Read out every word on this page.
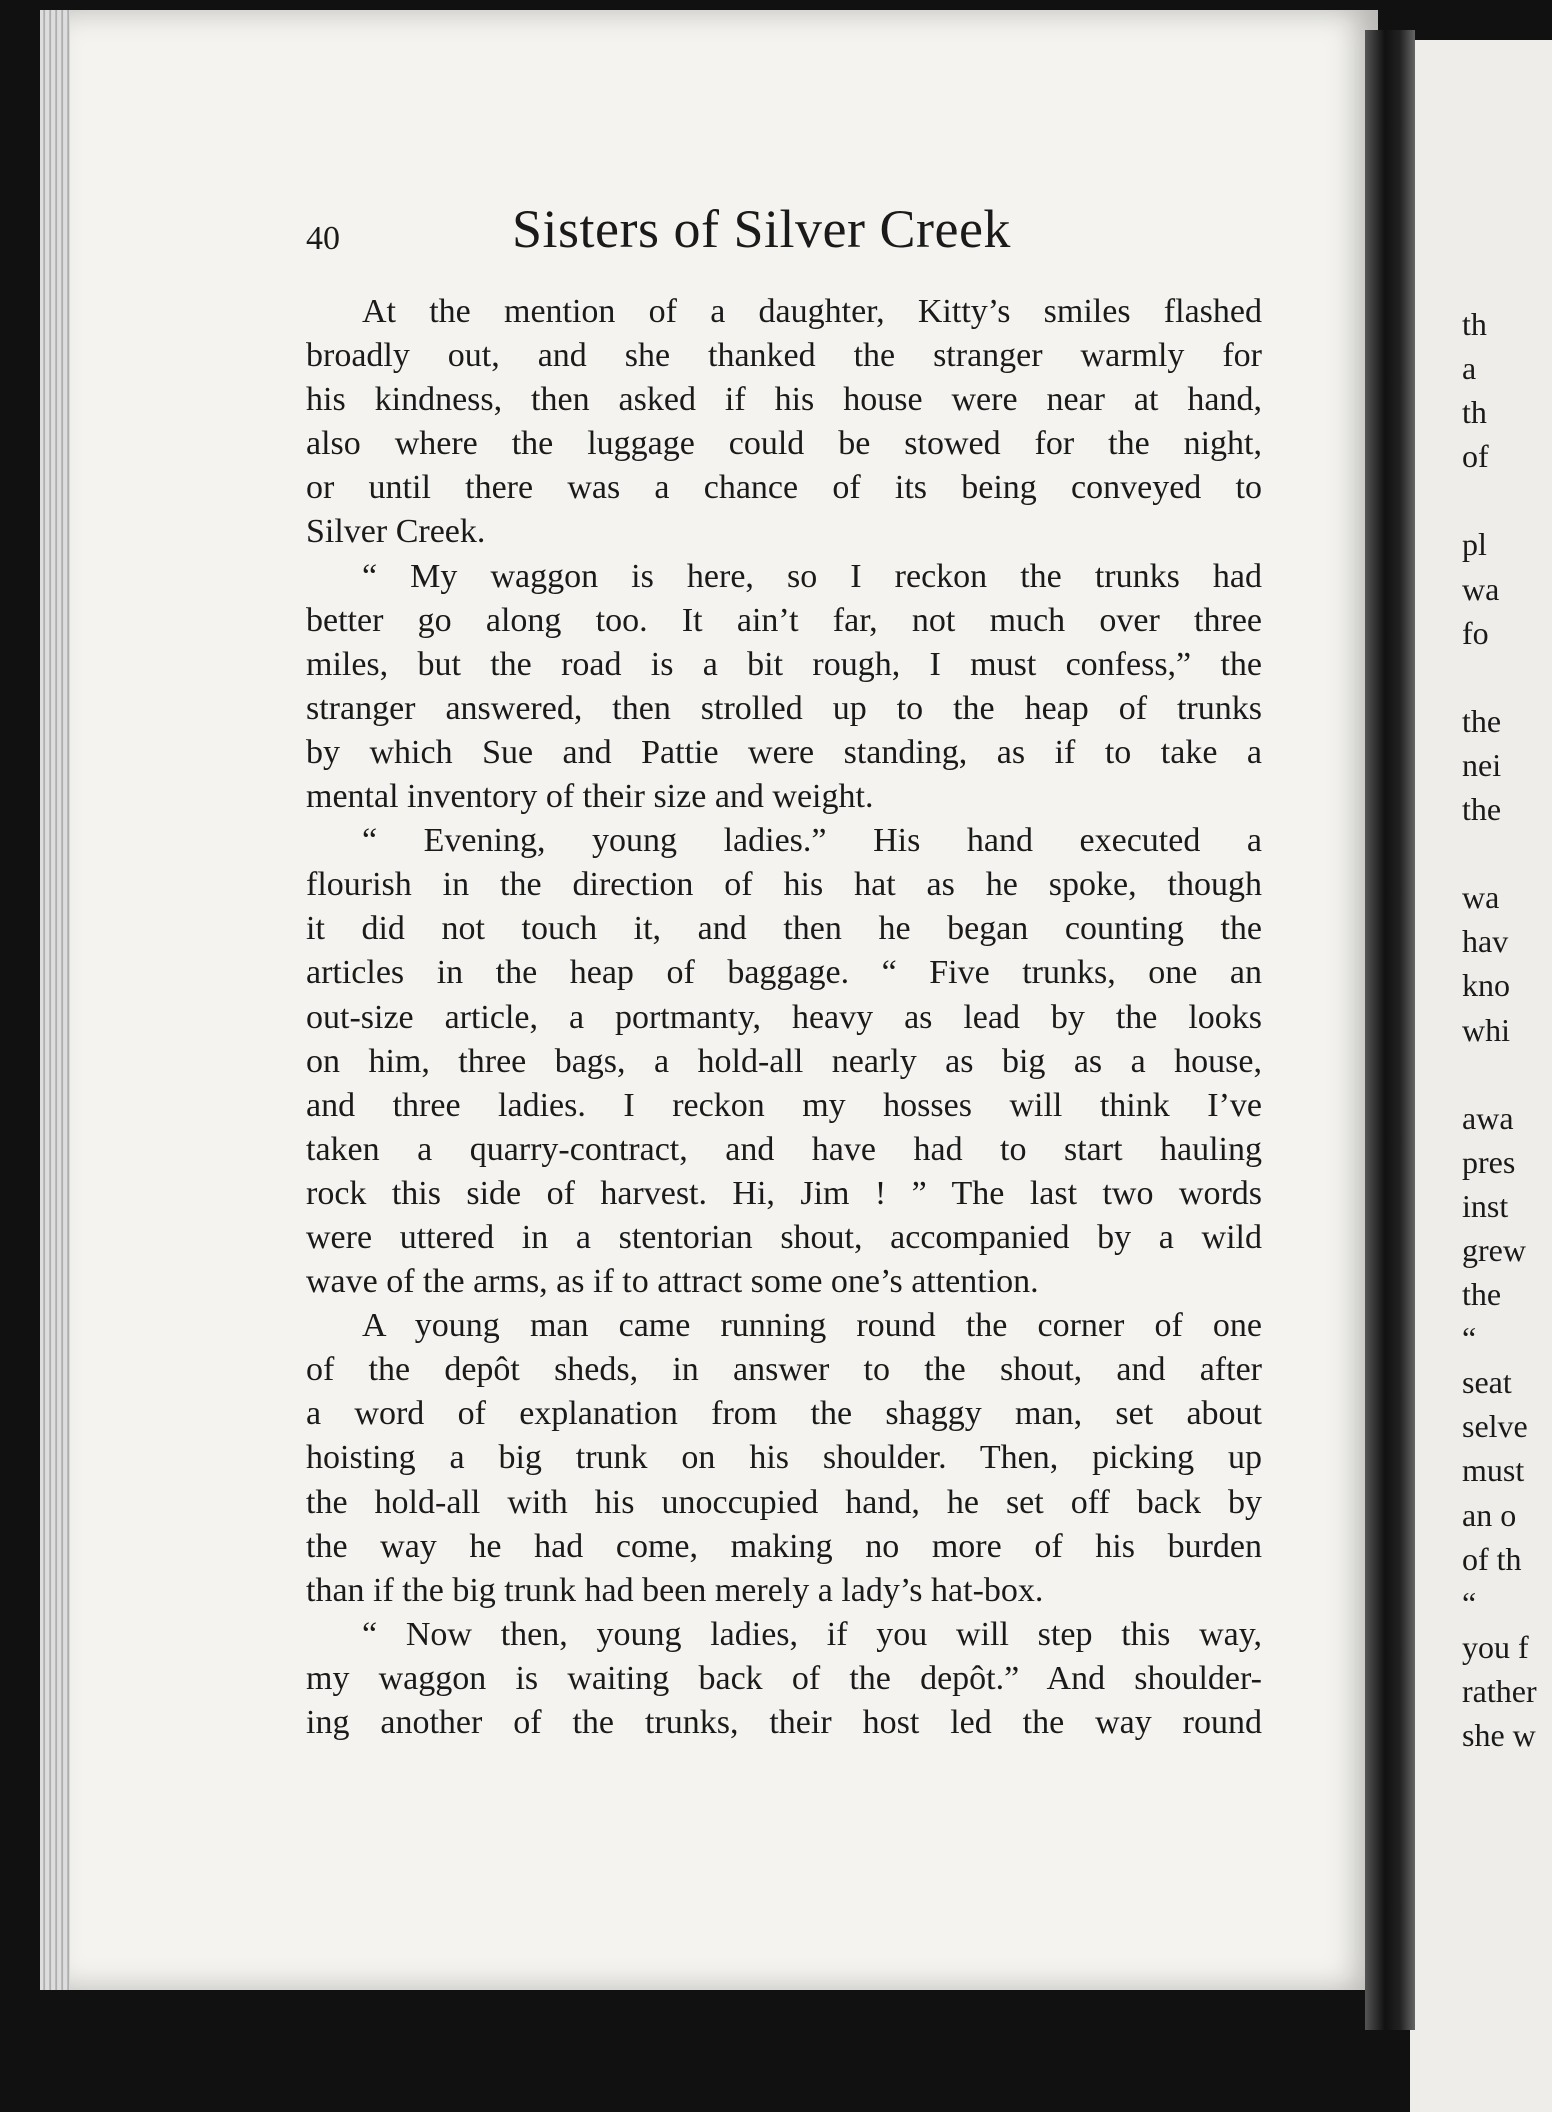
40	Sisters of Silver Creek
At the mention of a daughter, Kitty’s smiles flashed
broadly out, and she thanked the stranger warmly for
his kindness, then asked if his house were near at hand,
also where the luggage could be stowed for the night,
or until there was a chance of its being conveyed to
Silver Creek.
“ My waggon is here, so I reckon the trunks had
better go along too. It ain’t far, not much over three
miles, but the road is a bit rough, I must confess,” the
stranger answered, then strolled up to the heap of trunks
by which Sue and Pattie were standing, as if to take a
mental inventory of their size and weight.
“ Evening, young ladies.” His hand executed a
flourish in the direction of his hat as he spoke, though
it did not touch it, and then he began counting the
articles in the heap of baggage. “ Five trunks, one an
out-size article, a portmanty, heavy as lead by the looks
on him, three bags, a hold-all nearly as big as a house,
and three ladies. I reckon my hosses will think I’ve
taken a quarry-contract, and have had to start hauling
rock this side of harvest. Hi, Jim ! ” The last two words
were uttered in a stentorian shout, accompanied by a wild
wave of the arms, as if to attract some one’s attention.
A young man came running round the corner of one
of the depôt sheds, in answer to the shout, and after
a word of explanation from the shaggy man, set about
hoisting a big trunk on his shoulder. Then, picking up
the hold-all with his unoccupied hand, he set off back by
the way he had come, making no more of his burden
than if the big trunk had been merely a lady’s hat-box.
“ Now then, young ladies, if you will step this way,
my waggon is waiting back of the depôt.” And shoulder-
ing another of the trunks, their host led the way round
th
a
th
of

pl
wa
fo

the
nei
the

wa
hav
kno
whi

awa
pres
inst
grew
the
“
seat
selve
must
an o
of th
“
you f
rather
she w
